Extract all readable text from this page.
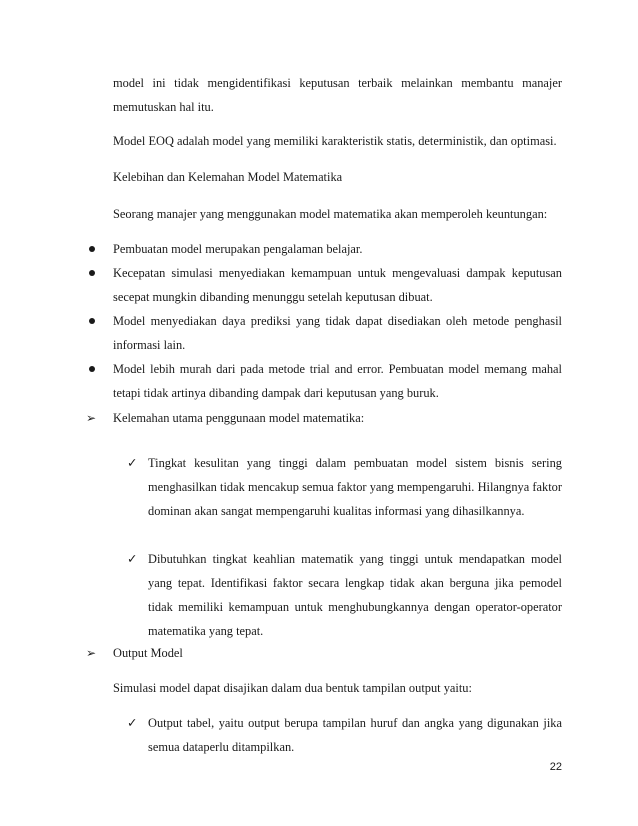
model ini tidak mengidentifikasi keputusan terbaik melainkan membantu manajer memutuskan hal itu.

Model EOQ adalah model yang memiliki karakteristik statis, deterministik, dan optimasi.

Kelebihan dan Kelemahan Model Matematika

Seorang manajer yang menggunakan model matematika akan memperoleh keuntungan:

Pembuatan model merupakan pengalaman belajar.

Kecepatan simulasi menyediakan kemampuan untuk mengevaluasi dampak keputusan secepat mungkin dibanding menunggu setelah keputusan dibuat.

Model menyediakan daya prediksi yang tidak dapat disediakan oleh metode penghasil informasi lain.

Model lebih murah dari pada metode trial and error. Pembuatan model memang mahal tetapi tidak artinya dibanding dampak dari keputusan yang buruk.

➢ Kelemahan utama penggunaan model matematika:

✓ Tingkat kesulitan yang tinggi dalam pembuatan model sistem bisnis sering menghasilkan tidak mencakup semua faktor yang mempengaruhi. Hilangnya faktor dominan akan sangat mempengaruhi kualitas informasi yang dihasilkannya.

✓ Dibutuhkan tingkat keahlian matematik yang tinggi untuk mendapatkan model yang tepat. Identifikasi faktor secara lengkap tidak akan berguna jika pemodel tidak memiliki kemampuan untuk menghubungkannya dengan operator-operator matematika yang tepat.

➢ Output Model

Simulasi model dapat disajikan dalam dua bentuk tampilan output yaitu:

✓ Output tabel, yaitu output berupa tampilan huruf dan angka yang digunakan jika semua dataperlu ditampilkan.

22
